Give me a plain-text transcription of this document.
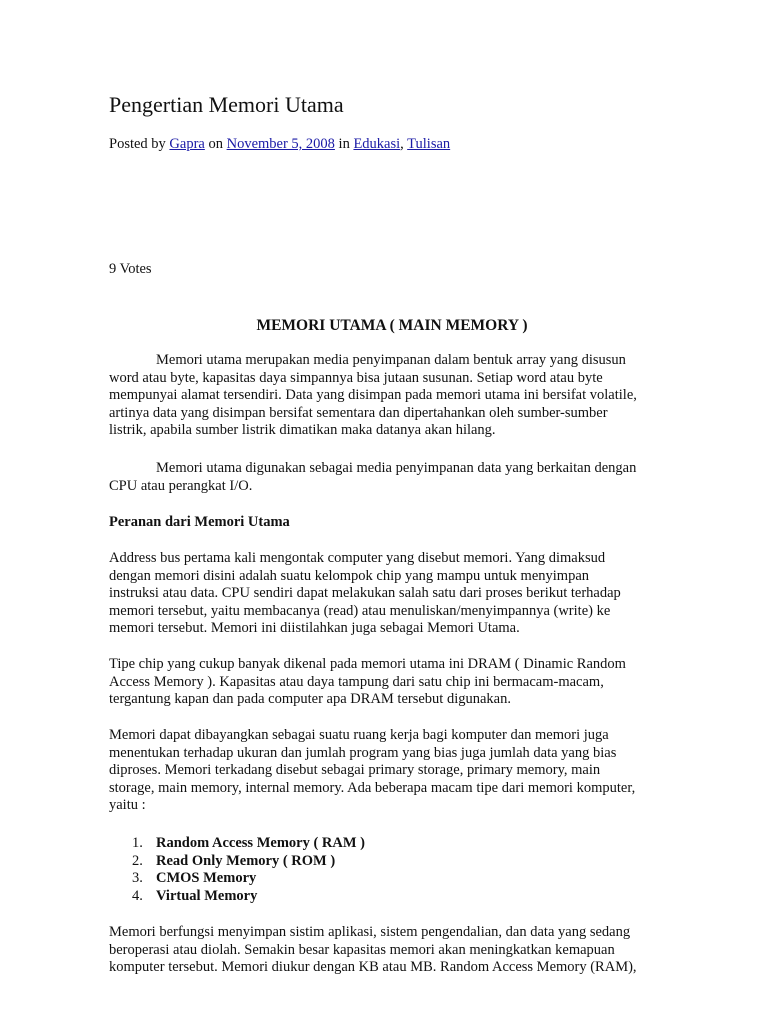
Pengertian Memori Utama
Posted by Gapra on November 5, 2008 in Edukasi, Tulisan
9 Votes
MEMORI UTAMA ( MAIN MEMORY )

Memori utama merupakan media penyimpanan dalam bentuk array yang disusun
word atau byte, kapasitas daya simpannya bisa jutaan susunan. Setiap word atau byte
mempunyai alamat tersendiri. Data yang disimpan pada memori utama ini bersifat volatile,
artinya data yang disimpan bersifat sementara dan dipertahankan oleh sumber-sumber
listrik, apabila sumber listrik dimatikan maka datanya akan hilang.

Memori utama digunakan sebagai media penyimpanan data yang berkaitan dengan
CPU atau perangkat I/O.

Peranan dari Memori Utama

Address bus pertama kali mengontak computer yang disebut memori. Yang dimaksud
dengan memori disini adalah suatu kelompok chip yang mampu untuk menyimpan
instruksi atau data. CPU sendiri dapat melakukan salah satu dari proses berikut terhadap
memori tersebut, yaitu membacanya (read) atau menuliskan/menyimpannya (write) ke
memori tersebut. Memori ini diistilahkan juga sebagai Memori Utama.

Tipe chip yang cukup banyak dikenal pada memori utama ini DRAM ( Dinamic Random
Access Memory ). Kapasitas atau daya tampung dari satu chip ini bermacam-macam,
tergantung kapan dan pada computer apa DRAM tersebut digunakan.

Memori dapat dibayangkan sebagai suatu ruang kerja bagi komputer dan memori juga
menentukan terhadap ukuran dan jumlah program yang bias juga jumlah data yang bias
diproses. Memori terkadang disebut sebagai primary storage, primary memory, main
storage, main memory, internal memory. Ada beberapa macam tipe dari memori komputer,
yaitu :

1. Random Access Memory ( RAM )
2. Read Only Memory ( ROM )
3. CMOS Memory
4. Virtual Memory

Memori berfungsi menyimpan sistim aplikasi, sistem pengendalian, dan data yang sedang
beroperasi atau diolah. Semakin besar kapasitas memori akan meningkatkan kemapuan
komputer tersebut. Memori diukur dengan KB atau MB. Random Access Memory (RAM),
